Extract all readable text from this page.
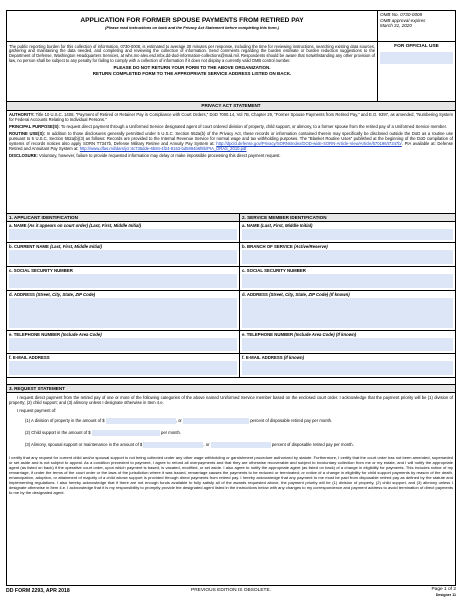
APPLICATION FOR FORMER SPOUSE PAYMENTS FROM RETIRED PAY
(Please read instructions on back and the Privacy Act Statement before completing this form.)
OMB No. 0730-0008
OMB approval expires
March 31, 2020
The public reporting burden for this collection of information, 0730-0008, is estimated to average 30 minutes per response, including the time for reviewing instructions, searching existing data sources, gathering and maintaining the data needed, and completing and reviewing the collection of information. Send comments regarding the burden estimate or burden reduction suggestions to the Department of Defense, Washington Headquarters Services, at whs.mc-alex.esd.mbx.dd-dod-information-collections@mail.mil. Respondents should be aware that notwithstanding any other provision of law, no person shall be subject to any penalty for failing to comply with a collection of information if it does not display a currently valid OMB control number.
PLEASE DO NOT RETURN YOUR FORM TO THE ABOVE ORGANIZATION.
RETURN COMPLETED FORM TO THE APPROPRIATE SERVICE ADDRESS LISTED ON BACK.
FOR OFFICIAL USE
PRIVACY ACT STATEMENT
AUTHORITY: Title 10 U.S.C. 1408, "Payment of Retired or Retainer Pay in Compliance with Court Orders," DoD 7000.14, Vol 7B, Chapter 29, "Former Spouse Payments from Retired Pay," and E.O. 9397, as amended, "Numbering System for Federal Accounts Relating to Individual Persons."
PRINCIPAL PURPOSE(S): To request direct payment through a Uniformed Service designated agent of court ordered division of property, child support, or alimony, to a former spouse from the retired pay of a Uniformed Service member.
ROUTINE USE(S): In addition to those disclosures generally permitted under 5 U.S.C. Section 552a(b) of the Privacy Act, these records or information contained therein may specifically be disclosed outside the DoD as a routine use pursuant to 5 U.S.C. Section 552a(b)(3) as follows: Records are provided to the Internal Revenue Service for normal wage and tax withholding purposes. The "Blanket Routine Uses" published at the beginning of the DoD compilation of systems of records notices also apply SORN T7347b, Defense Military Retiree and Annuity Pay System at: http://dpcld.defense.gov/Privacy/SORNsIndex/DOD-wide-SORN-Article-View/Article/570196/t7347b/. PIA available at: Defense Retired and Annuitant Pay System at: http://www.dfas.mil/dam/jcr:4c735dde-6b84-4f24-8153-bd5894b6f8b/PIA_DRAS_2010.pdf
DISCLOSURE: Voluntary, however, failure to provide requested information may delay or make impossible processing this direct payment request.
1. APPLICANT IDENTIFICATION	2. SERVICE MEMBER IDENTIFICATION
a. NAME (As it appears on court order) (Last, First, Middle Initial)	a. NAME (Last, First, Middle Initial)
b. CURRENT NAME (Last, First, Middle Initial)	b. BRANCH OF SERVICE (Active/Reserve)
c. SOCIAL SECURITY NUMBER	c. SOCIAL SECURITY NUMBER
d. ADDRESS (Street, City, State, ZIP Code)	d. ADDRESS (Street, City, State, ZIP Code) (If known)
e. TELEPHONE NUMBER (Include Area Code)	e. TELEPHONE NUMBER (Include Area Code) (If known)
f. E-MAIL ADDRESS	f. E-MAIL ADDRESS (If known)
3. REQUEST STATEMENT
I request direct payment from the retired pay of one or more of the following categories of the above named Uniformed Service member based on the enclosed court order. I acknowledge that the payment priority will be (1) division of property; (2) child support; and (3) alimony unless I designate otherwise in Item 4.e.
I request payment of:
(1) A division of property in the amount of $	, or	percent of disposable retired pay per month.
(2) Child support in the amount of $	per month.
(3) Alimony, spousal support or maintenance in the amount of $	, or	percent of disposable retired pay per month.
I certify that any request for current child and/or spousal support is not being collected under any other wage withholding or garnishment procedure authorized by statute. Furthermore, I certify that the court order has not been amended, superseded or set aside and is not subject to appeal. As a condition precedent to payment, I agree to refund all overpayments and that they are otherwise recoverable and subject to involuntary collection from me or my estate, and I will notify the appropriate agent (as listed on back) if the operative court order, upon which payment is based, is vacated, modified, or set aside. I also agree to notify the appropriate agent (as listed on back) of a change in eligibility for payments. This includes notice of my remarriage, if under the terms of the court order or the laws of the jurisdiction where it was issued, remarriage causes the payments to be reduced or terminated; or notice of a change in eligibility for child support payments by reason of the death, emancipation, adoption, or attainment of majority of a child whose support is provided through direct payments from retired pay. I hereby acknowledge that any payment to me must be paid from disposable retired pay as defined by the statute and implementing regulations. I also hereby acknowledge that if there are not enough funds available to fully satisfy all of the awards requested above, the payment priority will be (1) division of property, (2) child support, and (3) alimony unless I designate otherwise in Item 4.e. I acknowledge that it is my responsibility to promptly provide the designated agent listed in the instructions below with any changes to my correspondence and payment address to avoid termination of direct payments to me by the designated agent.
DD FORM 2293, APR 2018	PREVIOUS EDITION IS OBSOLETE.	Page 1 of 2
Designer 11
